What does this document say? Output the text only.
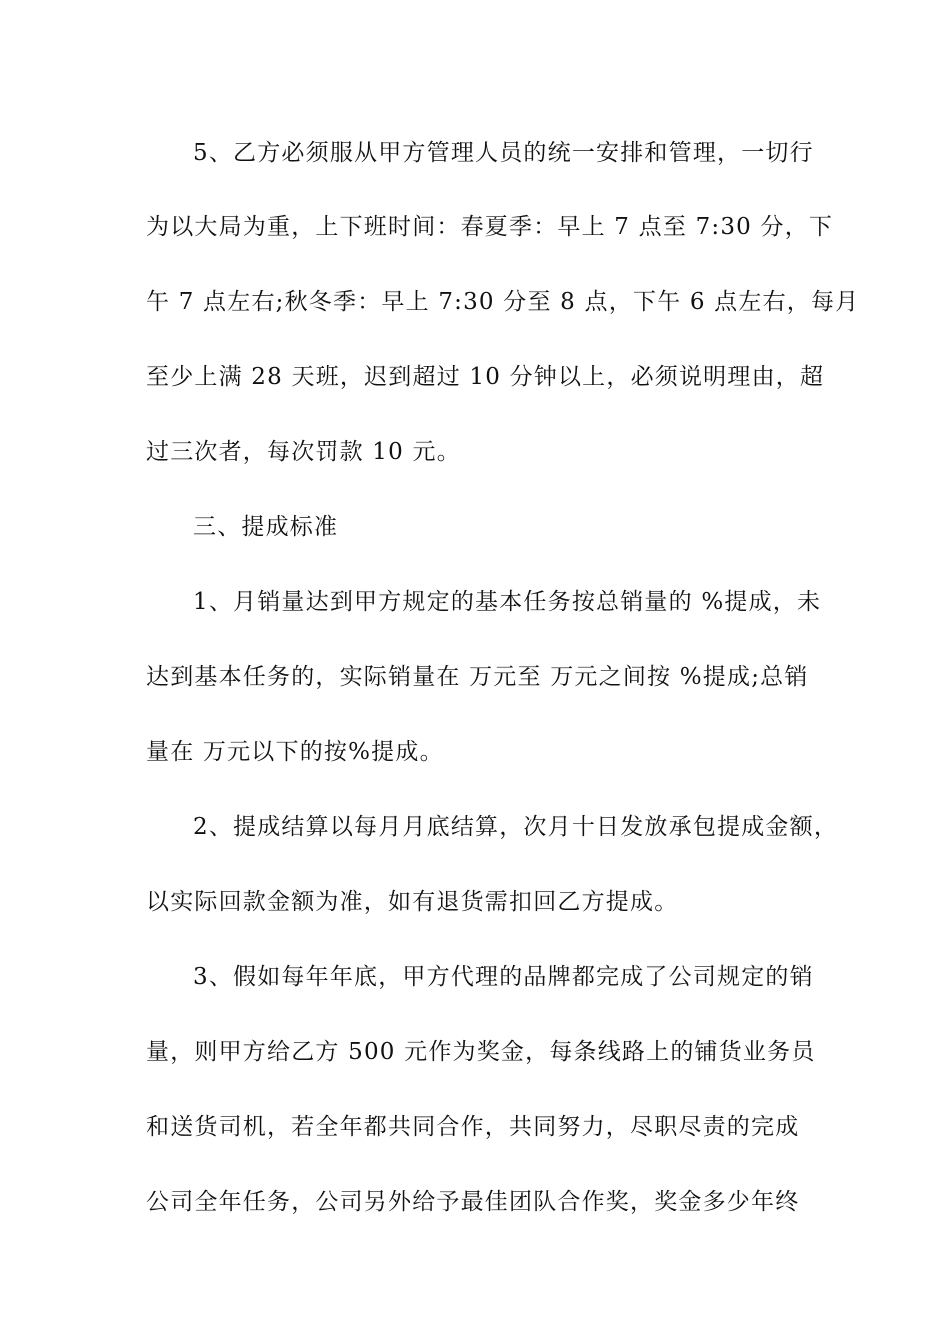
5、乙方必须服从甲方管理人员的统一安排和管理，一切行
为以大局为重，上下班时间：春夏季：早上 7 点至 7:30 分，下
午 7 点左右;秋冬季：早上 7:30 分至 8 点，下午 6 点左右，每月
至少上满 28 天班，迟到超过 10 分钟以上，必须说明理由，超
过三次者，每次罚款 10 元。
三、提成标准
1、月销量达到甲方规定的基本任务按总销量的 %提成，未
达到基本任务的，实际销量在 万元至 万元之间按 %提成;总销
量在 万元以下的按%提成。
2、提成结算以每月月底结算，次月十日发放承包提成金额，
以实际回款金额为准，如有退货需扣回乙方提成。
3、假如每年年底，甲方代理的品牌都完成了公司规定的销
量，则甲方给乙方 500 元作为奖金，每条线路上的铺货业务员
和送货司机，若全年都共同合作，共同努力，尽职尽责的完成
公司全年任务，公司另外给予最佳团队合作奖，奖金多少年终
